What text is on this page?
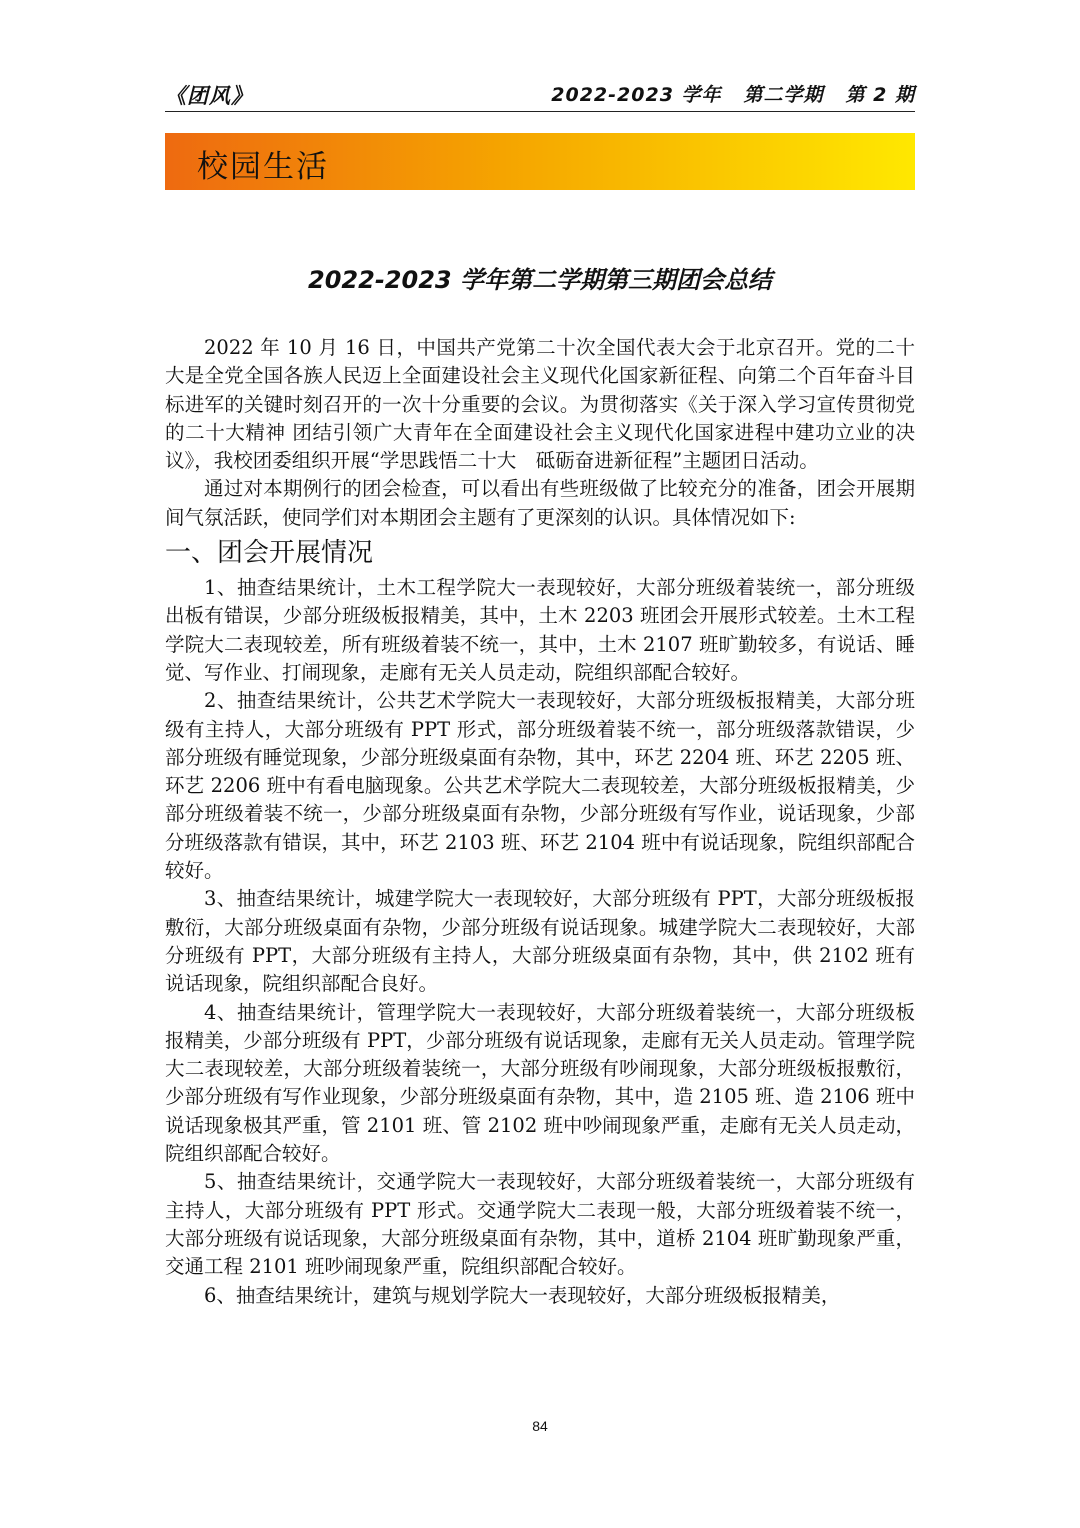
《团风》	2022-2023 学年 第二学期 第 2 期
校园生活
2022-2023 学年第二学期第三期团会总结

2022 年 10 月 16 日，中国共产党第二十次全国代表大会于北京召开。党的二十大是全党全国各族人民迈上全面建设社会主义现代化国家新征程、向第二个百年奋斗目标进军的关键时刻召开的一次十分重要的会议。为贯彻落实《关于深入学习宣传贯彻党的二十大精神 团结引领广大青年在全面建设社会主义现代化国家进程中建功立业的决议》，我校团委组织开展“学思践悟二十大　砥砺奋进新征程”主题团日活动。

通过对本期例行的团会检查，可以看出有些班级做了比较充分的准备，团会开展期间气氛活跃，使同学们对本期团会主题有了更深刻的认识。具体情况如下:

一、团会开展情况

1、抽查结果统计，土木工程学院大一表现较好，大部分班级着装统一，部分班级出板有错误，少部分班级板报精美，其中，土木 2203 班团会开展形式较差。土木工程学院大二表现较差，所有班级着装不统一，其中，土木 2107 班旷勤较多，有说话、睡觉、写作业、打闹现象，走廊有无关人员走动，院组织部配合较好。

2、抽查结果统计，公共艺术学院大一表现较好，大部分班级板报精美，大部分班级有主持人，大部分班级有 PPT 形式，部分班级着装不统一，部分班级落款错误，少部分班级有睡觉现象，少部分班级桌面有杂物，其中，环艺 2204 班、环艺 2205 班、环艺 2206 班中有看电脑现象。公共艺术学院大二表现较差，大部分班级板报精美，少部分班级着装不统一，少部分班级桌面有杂物，少部分班级有写作业，说话现象，少部分班级落款有错误，其中，环艺 2103 班、环艺 2104 班中有说话现象，院组织部配合较好。

3、抽查结果统计，城建学院大一表现较好，大部分班级有 PPT，大部分班级板报敷衍，大部分班级桌面有杂物，少部分班级有说话现象。城建学院大二表现较好，大部分班级有 PPT，大部分班级有主持人，大部分班级桌面有杂物，其中，供 2102 班有说话现象，院组织部配合良好。

4、抽查结果统计，管理学院大一表现较好，大部分班级着装统一，大部分班级板报精美，少部分班级有 PPT，少部分班级有说话现象，走廊有无关人员走动。管理学院大二表现较差，大部分班级着装统一，大部分班级有吵闹现象，大部分班级板报敷衍，少部分班级有写作业现象，少部分班级桌面有杂物，其中，造 2105 班、造 2106 班中说话现象极其严重，管 2101 班、管 2102 班中吵闹现象严重，走廊有无关人员走动，院组织部配合较好。

5、抽查结果统计，交通学院大一表现较好，大部分班级着装统一，大部分班级有主持人，大部分班级有 PPT 形式。交通学院大二表现一般，大部分班级着装不统一，大部分班级有说话现象，大部分班级桌面有杂物，其中，道桥 2104 班旷勤现象严重，交通工程 2101 班吵闹现象严重，院组织部配合较好。

6、抽查结果统计，建筑与规划学院大一表现较好，大部分班级板报精美，

84
